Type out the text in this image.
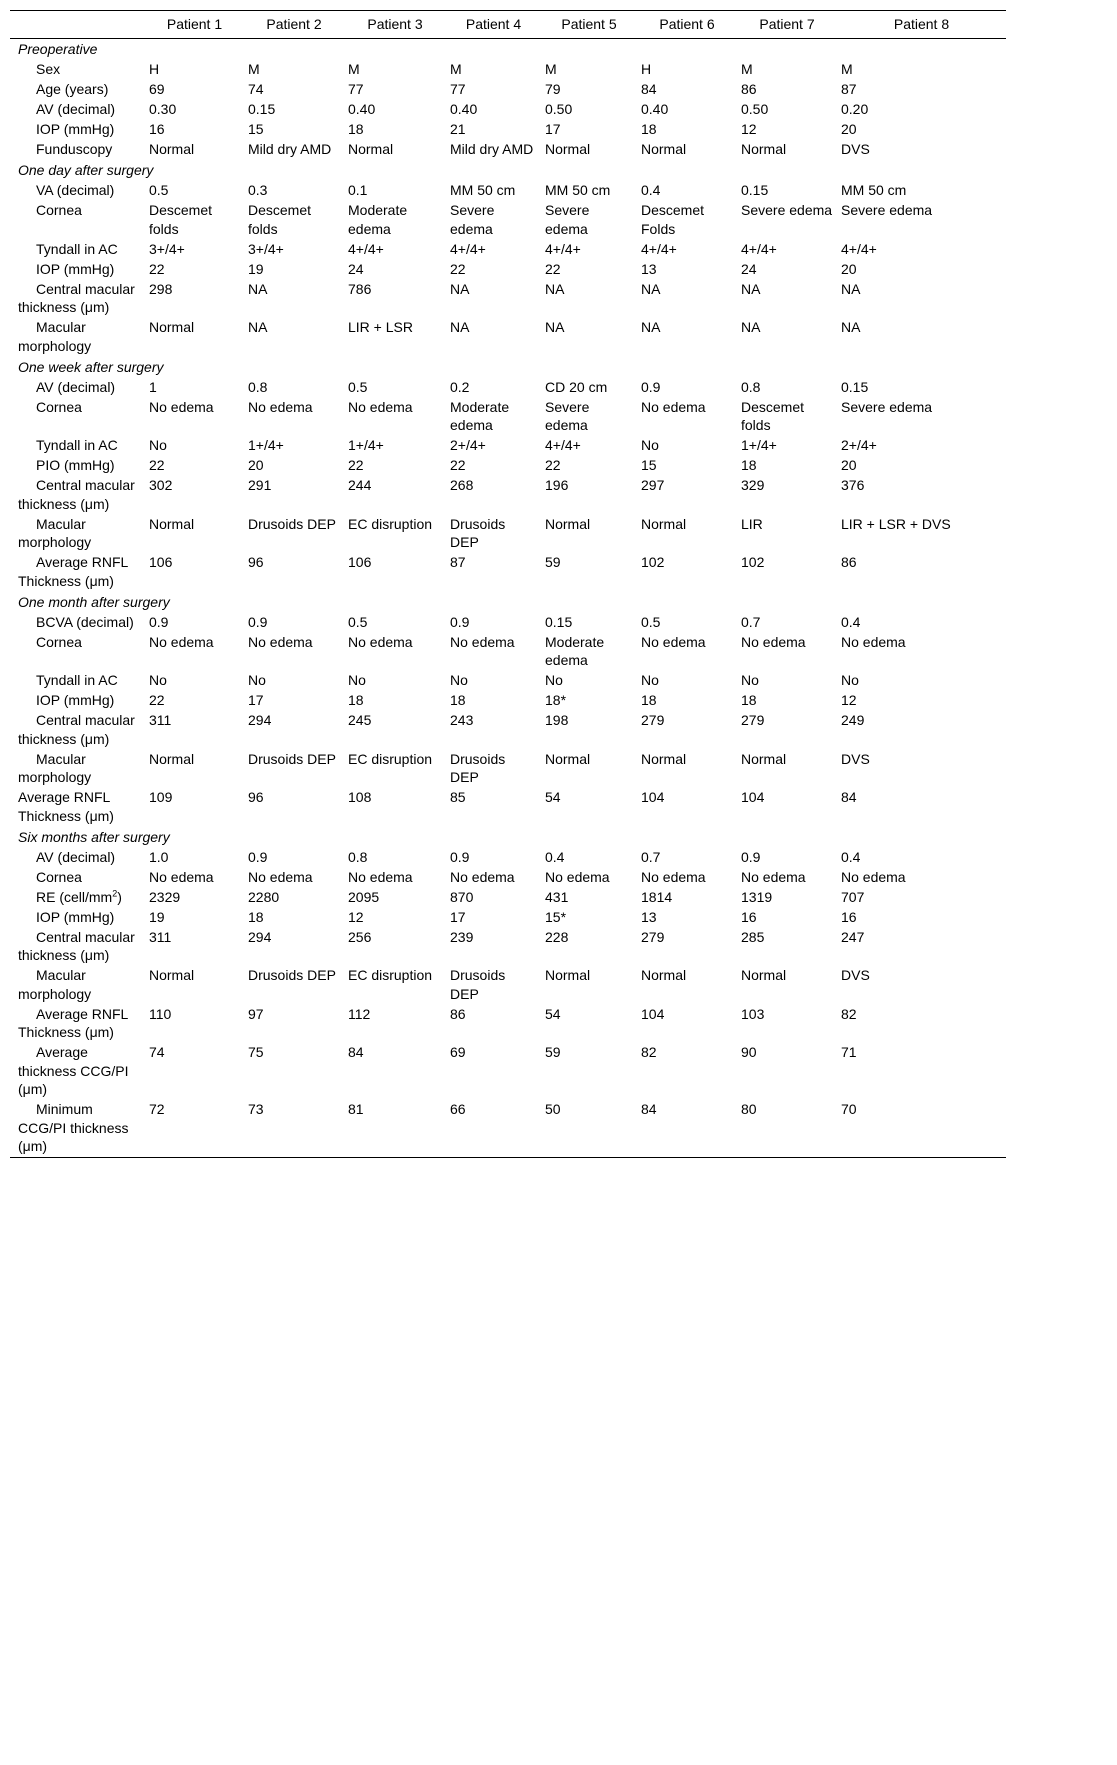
	Patient 1	Patient 2	Patient 3	Patient 4	Patient 5	Patient 6	Patient 7	Patient 8
Preoperative								
Sex	H	M	M	M	M	H	M	M
Age (years)	69	74	77	77	79	84	86	87
AV (decimal)	0.30	0.15	0.40	0.40	0.50	0.40	0.50	0.20
IOP (mmHg)	16	15	18	21	17	18	12	20
Funduscopy	Normal	Mild dry AMD	Normal	Mild dry AMD	Normal	Normal	Normal	DVS
One day after surgery								
VA (decimal)	0.5	0.3	0.1	MM 50 cm	MM 50 cm	0.4	0.15	MM 50 cm
Cornea	Descemet folds	Descemet folds	Moderate edema	Severe edema	Severe edema	Descemet Folds	Severe edema	Severe edema
Tyndall in AC	3+/4+	3+/4+	4+/4+	4+/4+	4+/4+	4+/4+	4+/4+	4+/4+
IOP (mmHg)	22	19	24	22	22	13	24	20
Central macular thickness (μm)	298	NA	786	NA	NA	NA	NA	NA
Macular morphology	Normal	NA	LIR + LSR	NA	NA	NA	NA	NA
One week after surgery								
AV (decimal)	1	0.8	0.5	0.2	CD 20 cm	0.9	0.8	0.15
Cornea	No edema	No edema	No edema	Moderate edema	Severe edema	No edema	Descemet folds	Severe edema
Tyndall in AC	No	1+/4+	1+/4+	2+/4+	4+/4+	No	1+/4+	2+/4+
PIO (mmHg)	22	20	22	22	22	15	18	20
Central macular thickness (μm)	302	291	244	268	196	297	329	376
Macular morphology	Normal	Drusoids DEP	EC disruption	Drusoids DEP	Normal	Normal	LIR	LIR + LSR + DVS
Average RNFL Thickness (μm)	106	96	106	87	59	102	102	86
One month after surgery								
BCVA (decimal)	0.9	0.9	0.5	0.9	0.15	0.5	0.7	0.4
Cornea	No edema	No edema	No edema	No edema	Moderate edema	No edema	No edema	No edema
Tyndall in AC	No	No	No	No	No	No	No	No
IOP (mmHg)	22	17	18	18	18*	18	18	12
Central macular thickness (μm)	311	294	245	243	198	279	279	249
Macular morphology	Normal	Drusoids DEP	EC disruption	Drusoids DEP	Normal	Normal	Normal	DVS
Average RNFL Thickness (μm)	109	96	108	85	54	104	104	84
Six months after surgery								
AV (decimal)	1.0	0.9	0.8	0.9	0.4	0.7	0.9	0.4
Cornea	No edema	No edema	No edema	No edema	No edema	No edema	No edema	No edema
RE $(cell/mm^2)$	2329	2280	2095	870	431	1814	1319	707
IOP (mmHg)	19	18	12	17	15*	13	16	16
Central macular thickness (μm)	311	294	256	239	228	279	285	247
Macular morphology	Normal	Drusoids DEP	EC disruption	Drusoids DEP	Normal	Normal	Normal	DVS
Average RNFL Thickness (μm)	110	97	112	86	54	104	103	82
Average thickness CCG/PI (μm)	74	75	84	69	59	82	90	71
Minimum CCG/PI thickness (μm)	72	73	81	66	50	84	80	70
